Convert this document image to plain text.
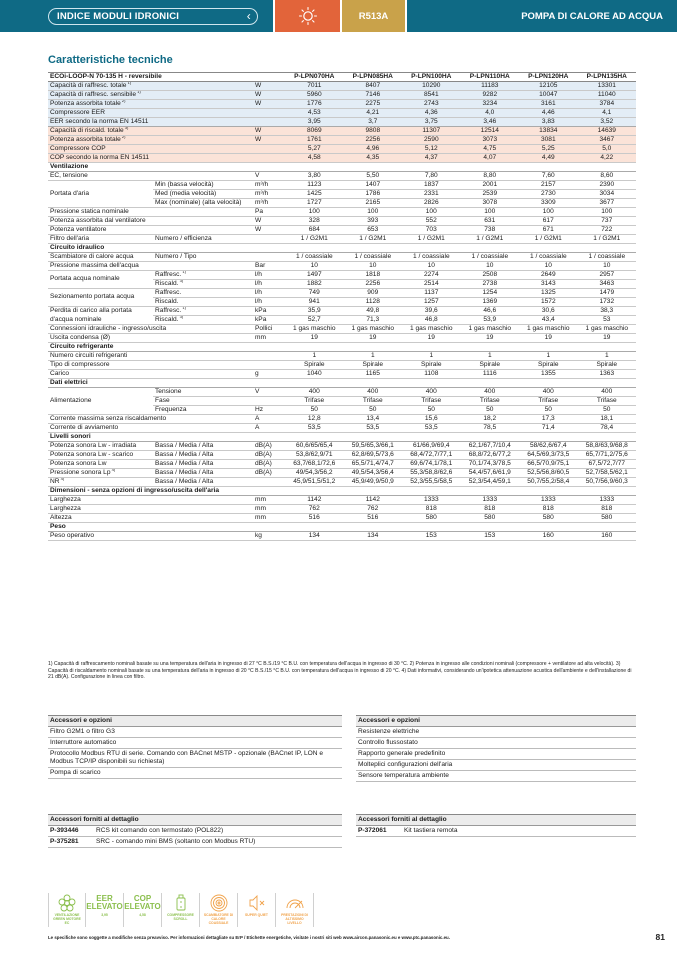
INDICE MODULI IDRONICI	‹	R513A	POMPA DI CALORE AD ACQUA
Caratteristiche tecniche
ECOi-LOOP-N 70-135 H - reversibile			P-LPN070HA	P-LPN085HA	P-LPN100HA	P-LPN110HA	P-LPN120HA	P-LPN135HA
Capacità di raffresc. totale $^{1)}$		W	7011	8407	10290	11183	12105	13301
Capacità di raffresc. sensibile $^{1)}$		W	5960	7146	8541	9282	10047	11040
Potenza assorbita totale $^{2)}$		W	1776	2275	2743	3234	3161	3784
Compressore EER			4,53	4,21	4,36	4,0	4,46	4,1
EER secondo la norma EN 14511			3,95	3,7	3,75	3,46	3,83	3,52
Capacità di riscald. totale $^{3)}$		W	8069	9808	11307	12514	13834	14639
Potenza assorbita totale $^{2)}$		W	1761	2256	2590	3073	3081	3467
Compressore COP			5,27	4,96	5,12	4,75	5,25	5,0
COP secondo la norma EN 14511			4,58	4,35	4,37	4,07	4,49	4,22
Ventilazione								
EC, tensione		V	3,80	5,50	7,80	8,80	7,60	8,60
Portata d'aria	Min (bassa velocità)	m³/h	1123	1407	1837	2001	2157	2390
	Med (media velocità)	m³/h	1425	1786	2331	2539	2730	3034
	Max (nominale) (alta velocità)	m³/h	1727	2165	2826	3078	3309	3677
Pressione statica nominale		Pa	100	100	100	100	100	100
Potenza assorbita dal ventilatore		W	328	393	552	631	617	737
Potenza ventilatore		W	684	653	703	738	671	722
Filtro dell'aria	Numero / efficienza		1 / G2M1	1 / G2M1	1 / G2M1	1 / G2M1	1 / G2M1	1 / G2M1
Circuito idraulico								
Scambiatore di calore acqua	Numero / Tipo		1 / coassiale	1 / coassiale	1 / coassiale	1 / coassiale	1 / coassiale	1 / coassiale
Pressione massima dell'acqua		Bar	10	10	10	10	10	10
Portata acqua nominale	Raffresc. $^{1)}$	l/h	1497	1818	2274	2508	2649	2957
	Riscald. $^{3)}$	l/h	1882	2256	2514	2738	3143	3463
Sezionamento portata acqua	Raffresc.	l/h	749	909	1137	1254	1325	1479
	Riscald.	l/h	941	1128	1257	1369	1572	1732
Perdita di carico alla portata
d'acqua nominale	Raffresc. $^{1)}$	kPa	35,9	49,8	39,6	46,6	30,6	38,3
	Riscald. $^{3)}$	kPa	52,7	71,3	46,8	53,9	43,4	53
Connessioni idrauliche - ingresso/uscita		Pollici	1 gas maschio	1 gas maschio	1 gas maschio	1 gas maschio	1 gas maschio	1 gas maschio
Uscita condensa (Ø)		mm	19	19	19	19	19	19
Circuito refrigerante								
Numero circuiti refrigeranti			1	1	1	1	1	1
Tipo di compressore			Spirale	Spirale	Spirale	Spirale	Spirale	Spirale
Carico		g	1040	1165	1108	1116	1355	1363
Dati elettrici								
Alimentazione	Tensione	V	400	400	400	400	400	400
	Fase		Trifase	Trifase	Trifase	Trifase	Trifase	Trifase
	Frequenza	Hz	50	50	50	50	50	50
Corrente massima senza riscaldamento		A	12,8	13,4	15,6	18,2	17,3	18,1
Corrente di avviamento		A	53,5	53,5	53,5	78,5	71,4	78,4
Livelli sonori								
Potenza sonora Lw - irradiata	Bassa / Media / Alta	dB(A)	60,6/65/65,4	59,5/65,3/66,1	61/66,9/69,4	62,1/67,7/10,4	58/62,6/67,4	58,8/63,9/68,8
Potenza sonora Lw - scarico	Bassa / Media / Alta	dB(A)	53,8/62,9/71	62,8/69,5/73,6	68,4/72,7/77,1	68,8/72,6/77,2	64,5/69,3/73,5	65,7/71,2/75,6
Potenza sonora Lw	Bassa / Media / Alta	dB(A)	63,7/68,1/72,6	65,5/71,4/74,7	69,6/74,1/78,1	70,1/74,3/78,5	66,5/70,9/75,1	67,5/72,7/77
Pressione sonora Lp $^{4)}$	Bassa / Media / Alta	dB(A)	49/54,3/56,2	49,5/54,3/56,4	55,3/58,8/62,6	54,4/57,6/61,9	52,5/56,8/60,5	52,7/58,5/62,1
NR $^{4)}$	Bassa / Media / Alta		45,9/51,5/51,2	45,9/49,9/50,9	52,3/55,5/58,5	52,3/54,4/59,1	50,7/55,2/58,4	50,7/56,9/60,3
Dimensioni - senza opzioni di ingresso/uscita dell'aria								
Larghezza		mm	1142	1142	1333	1333	1333	1333
Larghezza		mm	762	762	818	818	818	818
Altezza		mm	516	516	580	580	580	580
Peso								
Peso operativo		kg	134	134	153	153	160	160
1) Capacità di raffrescamento nominali basate su una temperatura dell'aria in ingresso di 27 °C B.S./19 °C B.U. con temperatura dell'acqua in ingresso di 30 °C. 2) Potenza in ingresso alle condizioni nominali (compressore + ventilatore ad alta velocità). 3) Capacità di riscaldamento nominali basate su una temperatura dell'aria in ingresso di 20 °C B.S./15 °C B.U. con temperatura dell'acqua in ingresso di 20 °C. 4) Dati informativi, considerando un'ipotetica attenuazione acustica dell'ambiente e dell'installazione di 21 dB(A). Configurazione in linea con filtro.
Accessori e opzioni
Filtro G2M1 o filtro G3
Interruttore automatico
Protocollo Modbus RTU di serie. Comando con BACnet MSTP - opzionale (BACnet IP, LON e Modbus TCP/IP disponibili su richiesta)
Pompa di scarico
Accessori e opzioni
Resistenze elettriche
Controllo flussostato
Rapporto generale predefinito
Molteplici configurazioni dell'aria
Sensore temperatura ambiente
Accessori forniti al dettaglio	
P-393446	RCS kit comando con termostato (POL822)
P-375281	SRC - comando mini BMS (soltanto con Modbus RTU)
Accessori forniti al dettaglio
P-372061	Kit tastiera remota
VENTILAZIONE GREEN MOTORE EC
EER ELEVATO
3,95
COP ELEVATO
4,58	COMPRESSORE SCROLL
SCAMBIATORE DI CALORE COASSIALE
SUPER QUIET	PRESTAZIONI DI ALTISSIMO LIVELLO
Le specifiche sono soggette a modifiche senza preavviso. Per informazioni dettagliate su ErP / Etichette energetiche, visitate i nostri siti web www.aircon.panasonic.eu e www.ptc.panasonic.eu.	81
